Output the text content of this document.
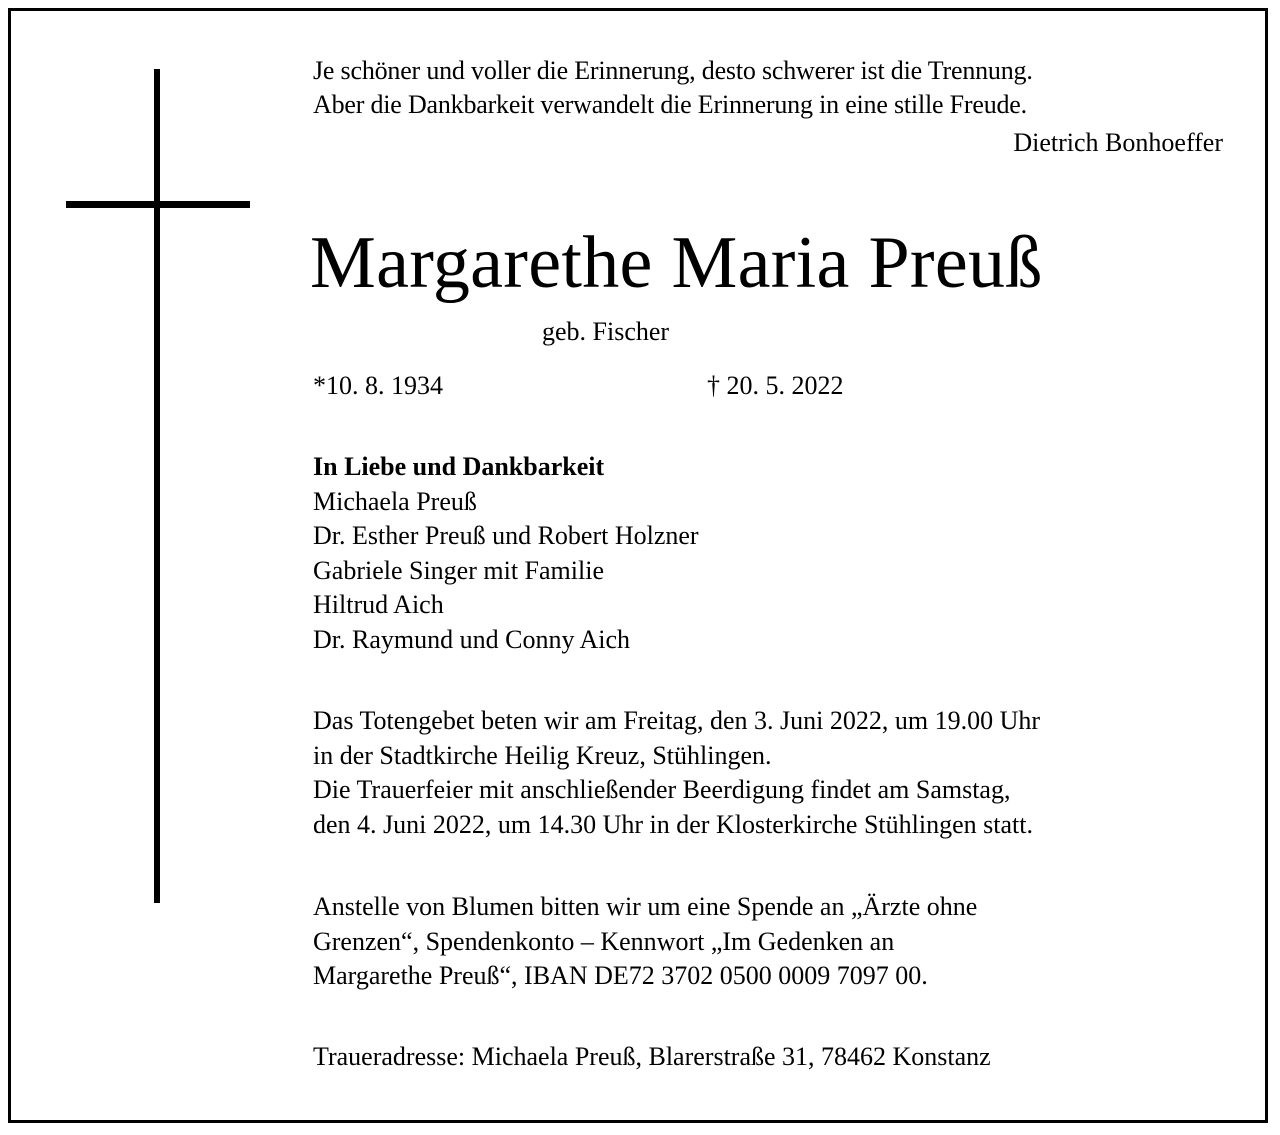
Je schöner und voller die Erinnerung, desto schwerer ist die Trennung.
Aber die Dankbarkeit verwandelt die Erinnerung in eine stille Freude.
Dietrich Bonhoeffer
Margarethe Maria Preuß
geb. Fischer
*10. 8. 1934	† 20. 5. 2022
In Liebe und Dankbarkeit
Michaela Preuß
Dr. Esther Preuß und Robert Holzner
Gabriele Singer mit Familie
Hiltrud Aich
Dr. Raymund und Conny Aich
Das Totengebet beten wir am Freitag, den 3. Juni 2022, um 19.00 Uhr
in der Stadtkirche Heilig Kreuz, Stühlingen.
Die Trauerfeier mit anschließender Beerdigung findet am Samstag,
den 4. Juni 2022, um 14.30 Uhr in der Klosterkirche Stühlingen statt.
Anstelle von Blumen bitten wir um eine Spende an „Ärzte ohne
Grenzen“, Spendenkonto – Kennwort „Im Gedenken an
Margarethe Preuß“, IBAN DE72 3702 0500 0009 7097 00.
Traueradresse: Michaela Preuß, Blarerstraße 31, 78462 Konstanz
